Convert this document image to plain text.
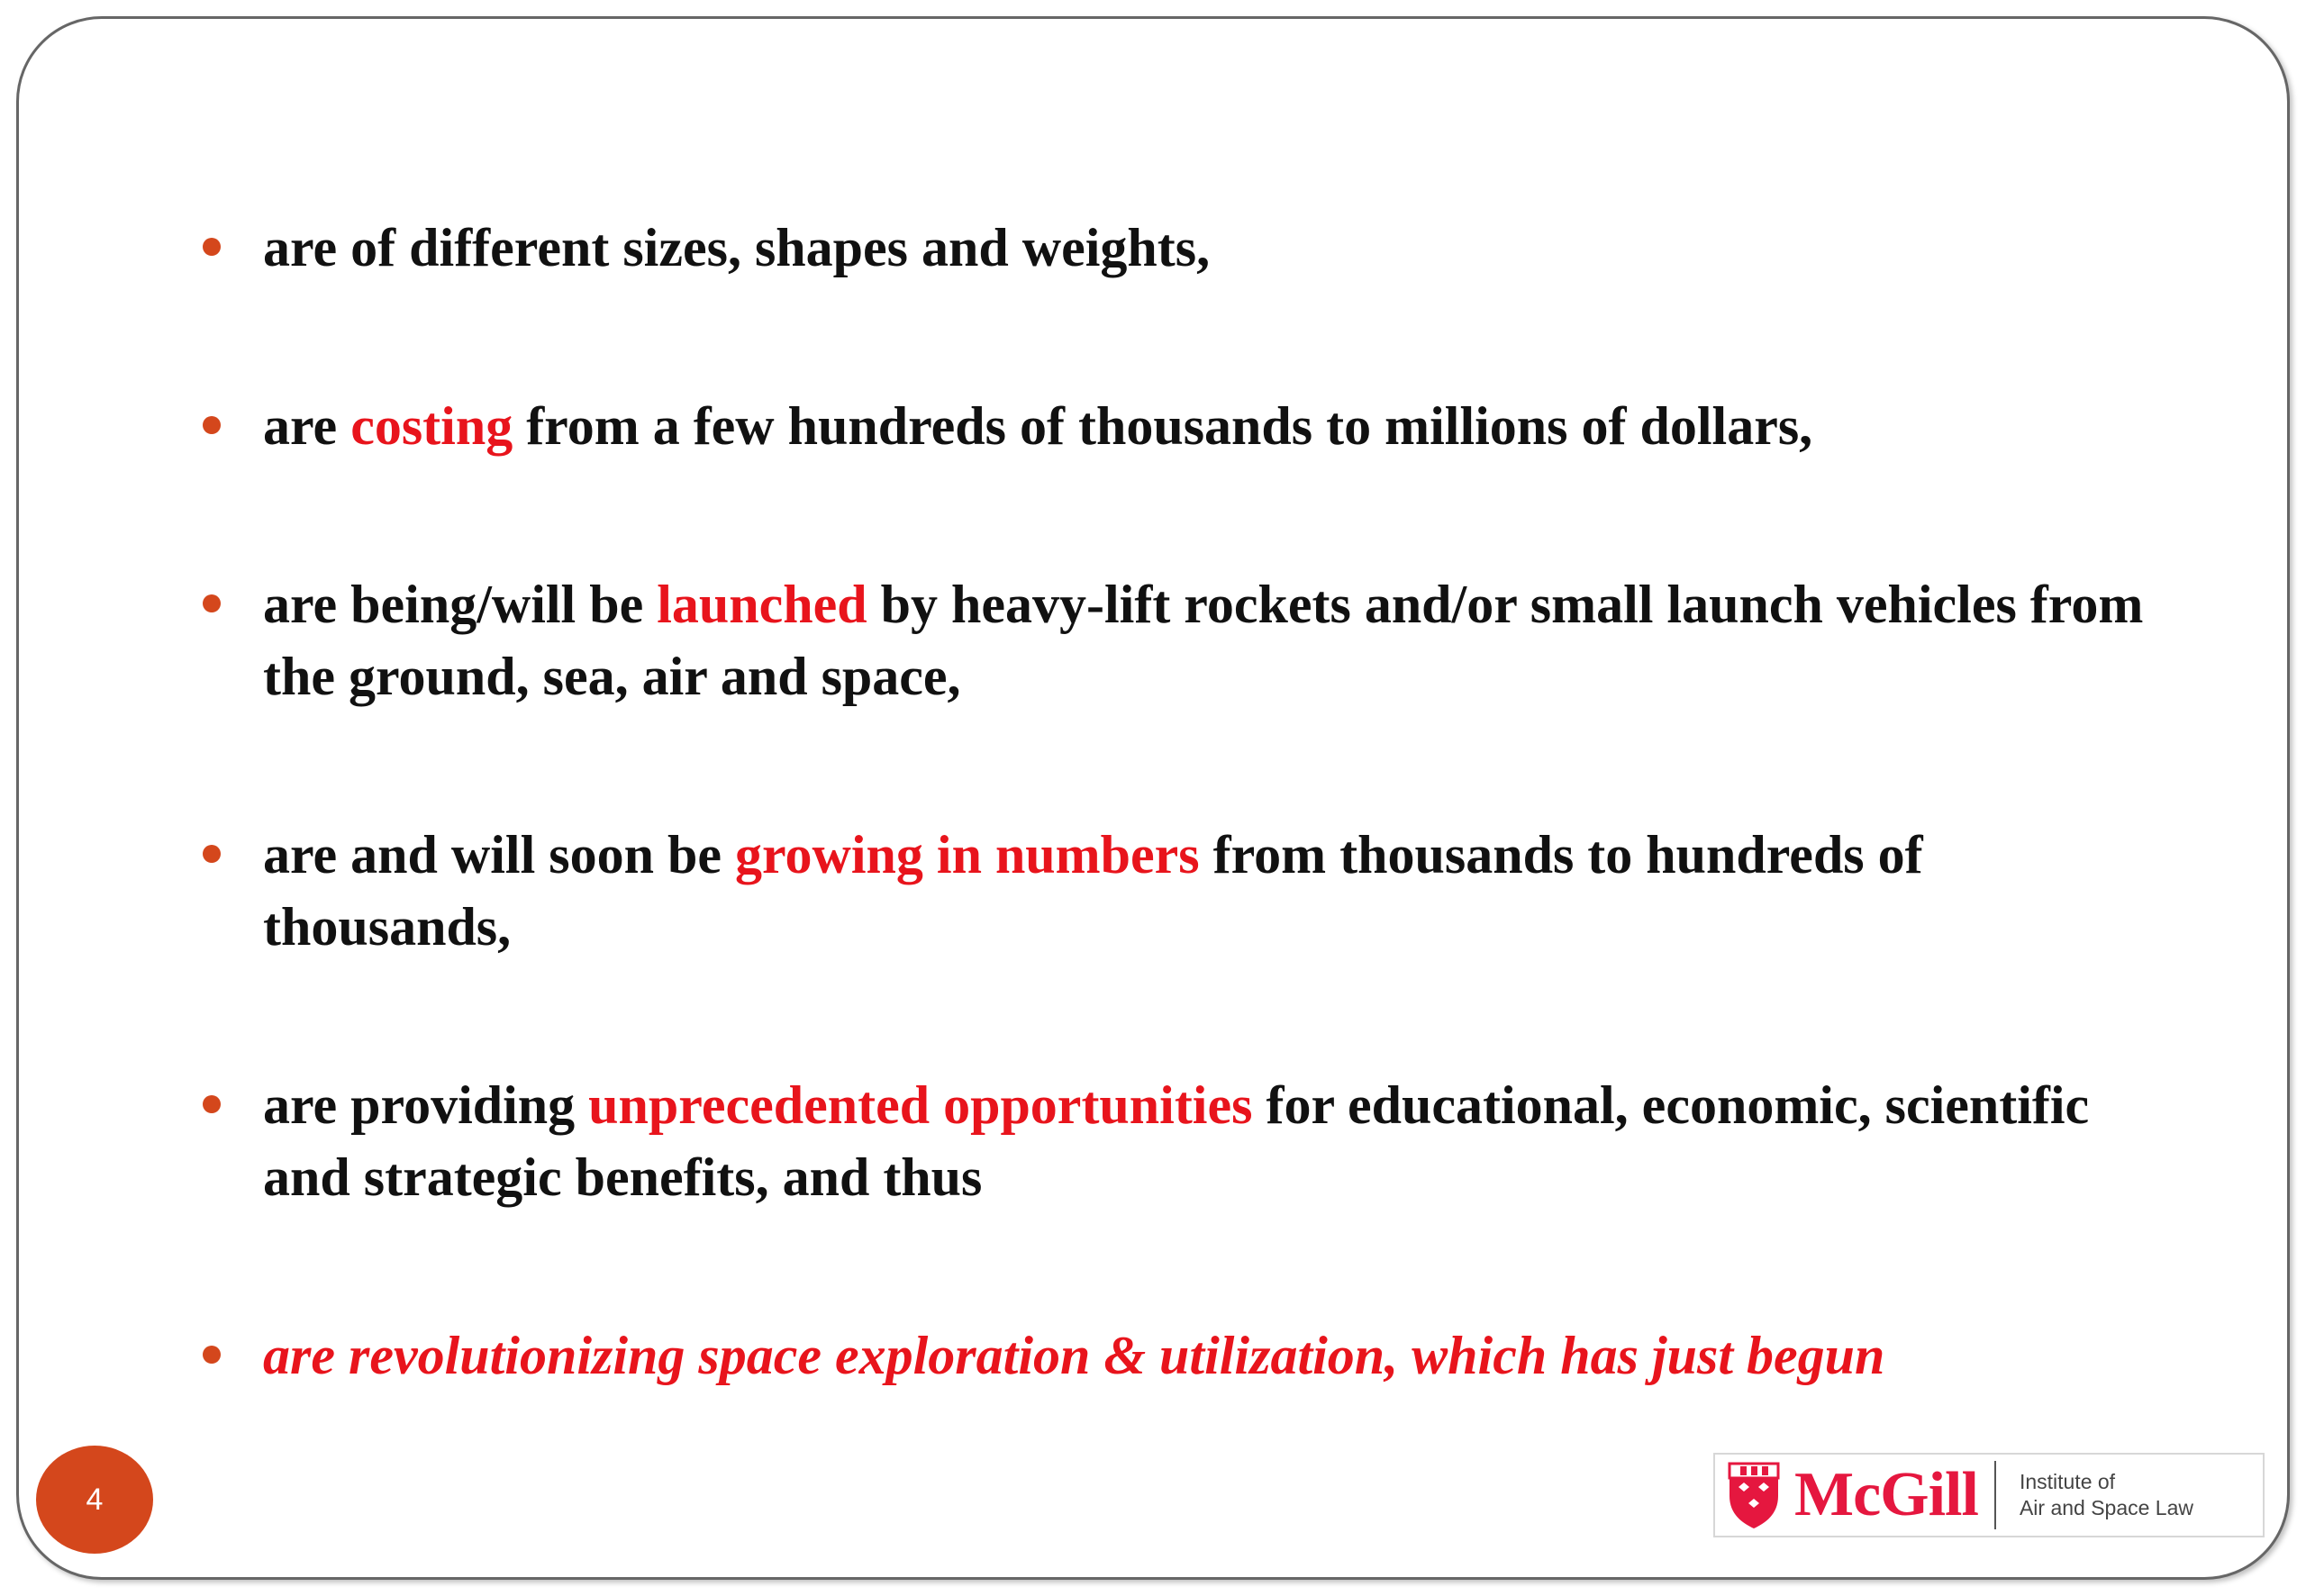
are of different sizes, shapes and weights,
are costing from a few hundreds of thousands to millions of dollars,
are being/will be launched by heavy-lift rockets and/or small launch vehicles from the ground, sea, air and space,
are and will soon be growing in numbers from thousands to hundreds of thousands,
are providing unprecedented opportunities for educational, economic, scientific and strategic benefits, and thus
are revolutionizing space exploration & utilization, which has just begun
4	McGill Institute of
Air and Space Law
